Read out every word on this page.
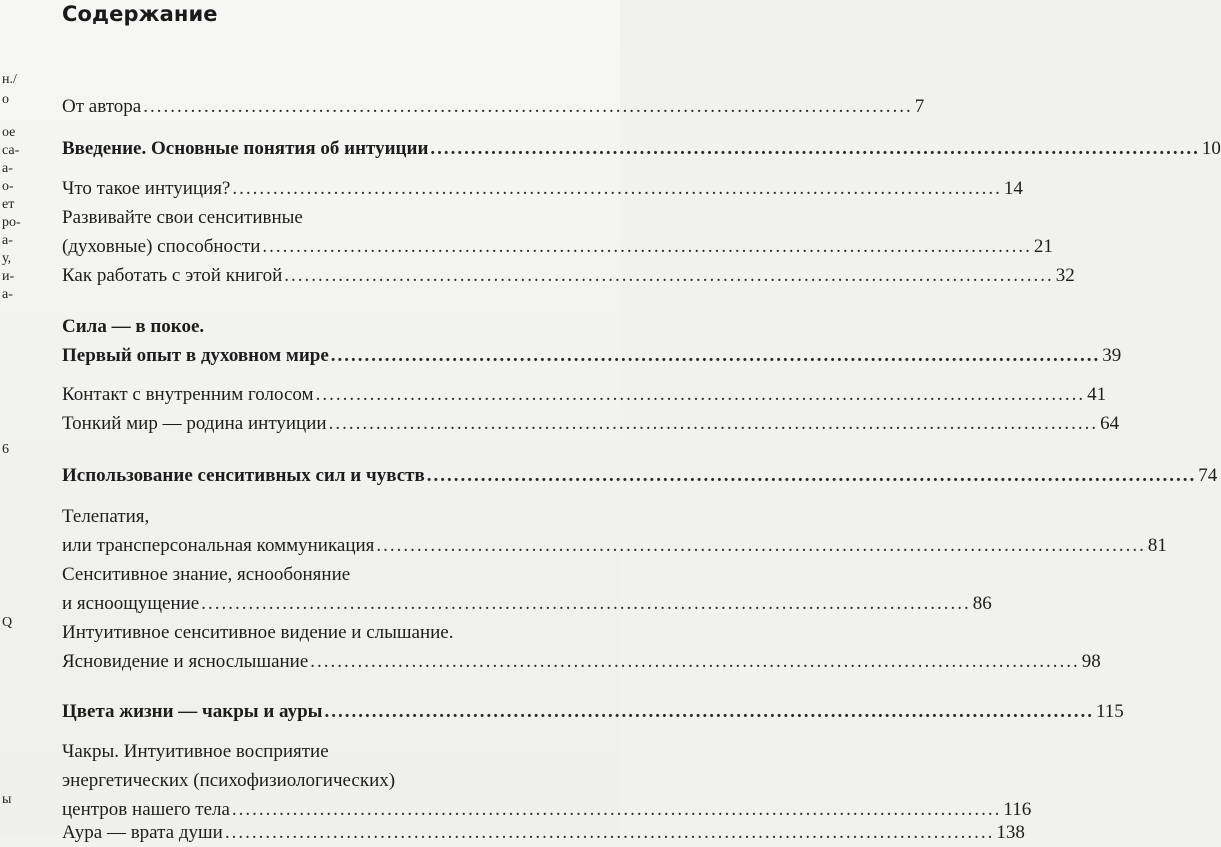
н./
о
ое
са-
а-
о-
ет
ро-
а-
у,
и-
а-
6
Q
ы
Содержание
От автора .................................................................................................................. 7
Введение. Основные понятия об интуиции .................................................................................................................. 10
Что такое интуиция? .................................................................................................................. 14
Развивайте свои сенситивные
(духовные) способности .................................................................................................................. 21
Как работать с этой книгой .................................................................................................................. 32
Сила — в покое.
Первый опыт в духовном мире .................................................................................................................. 39
Контакт с внутренним голосом .................................................................................................................. 41
Тонкий мир — родина интуиции .................................................................................................................. 64
Использование сенситивных сил и чувств .................................................................................................................. 74
Телепатия,
или трансперсональная коммуникация .................................................................................................................. 81
Сенситивное знание, яснообоняние
и ясноощущение .................................................................................................................. 86
Интуитивное сенситивное видение и слышание.
Ясновидение и яснослышание .................................................................................................................. 98
Цвета жизни — чакры и ауры .................................................................................................................. 115
Чакры. Интуитивное восприятие
энергетических (психофизиологических)
центров нашего тела .................................................................................................................. 116
Аура — врата души .................................................................................................................. 138
